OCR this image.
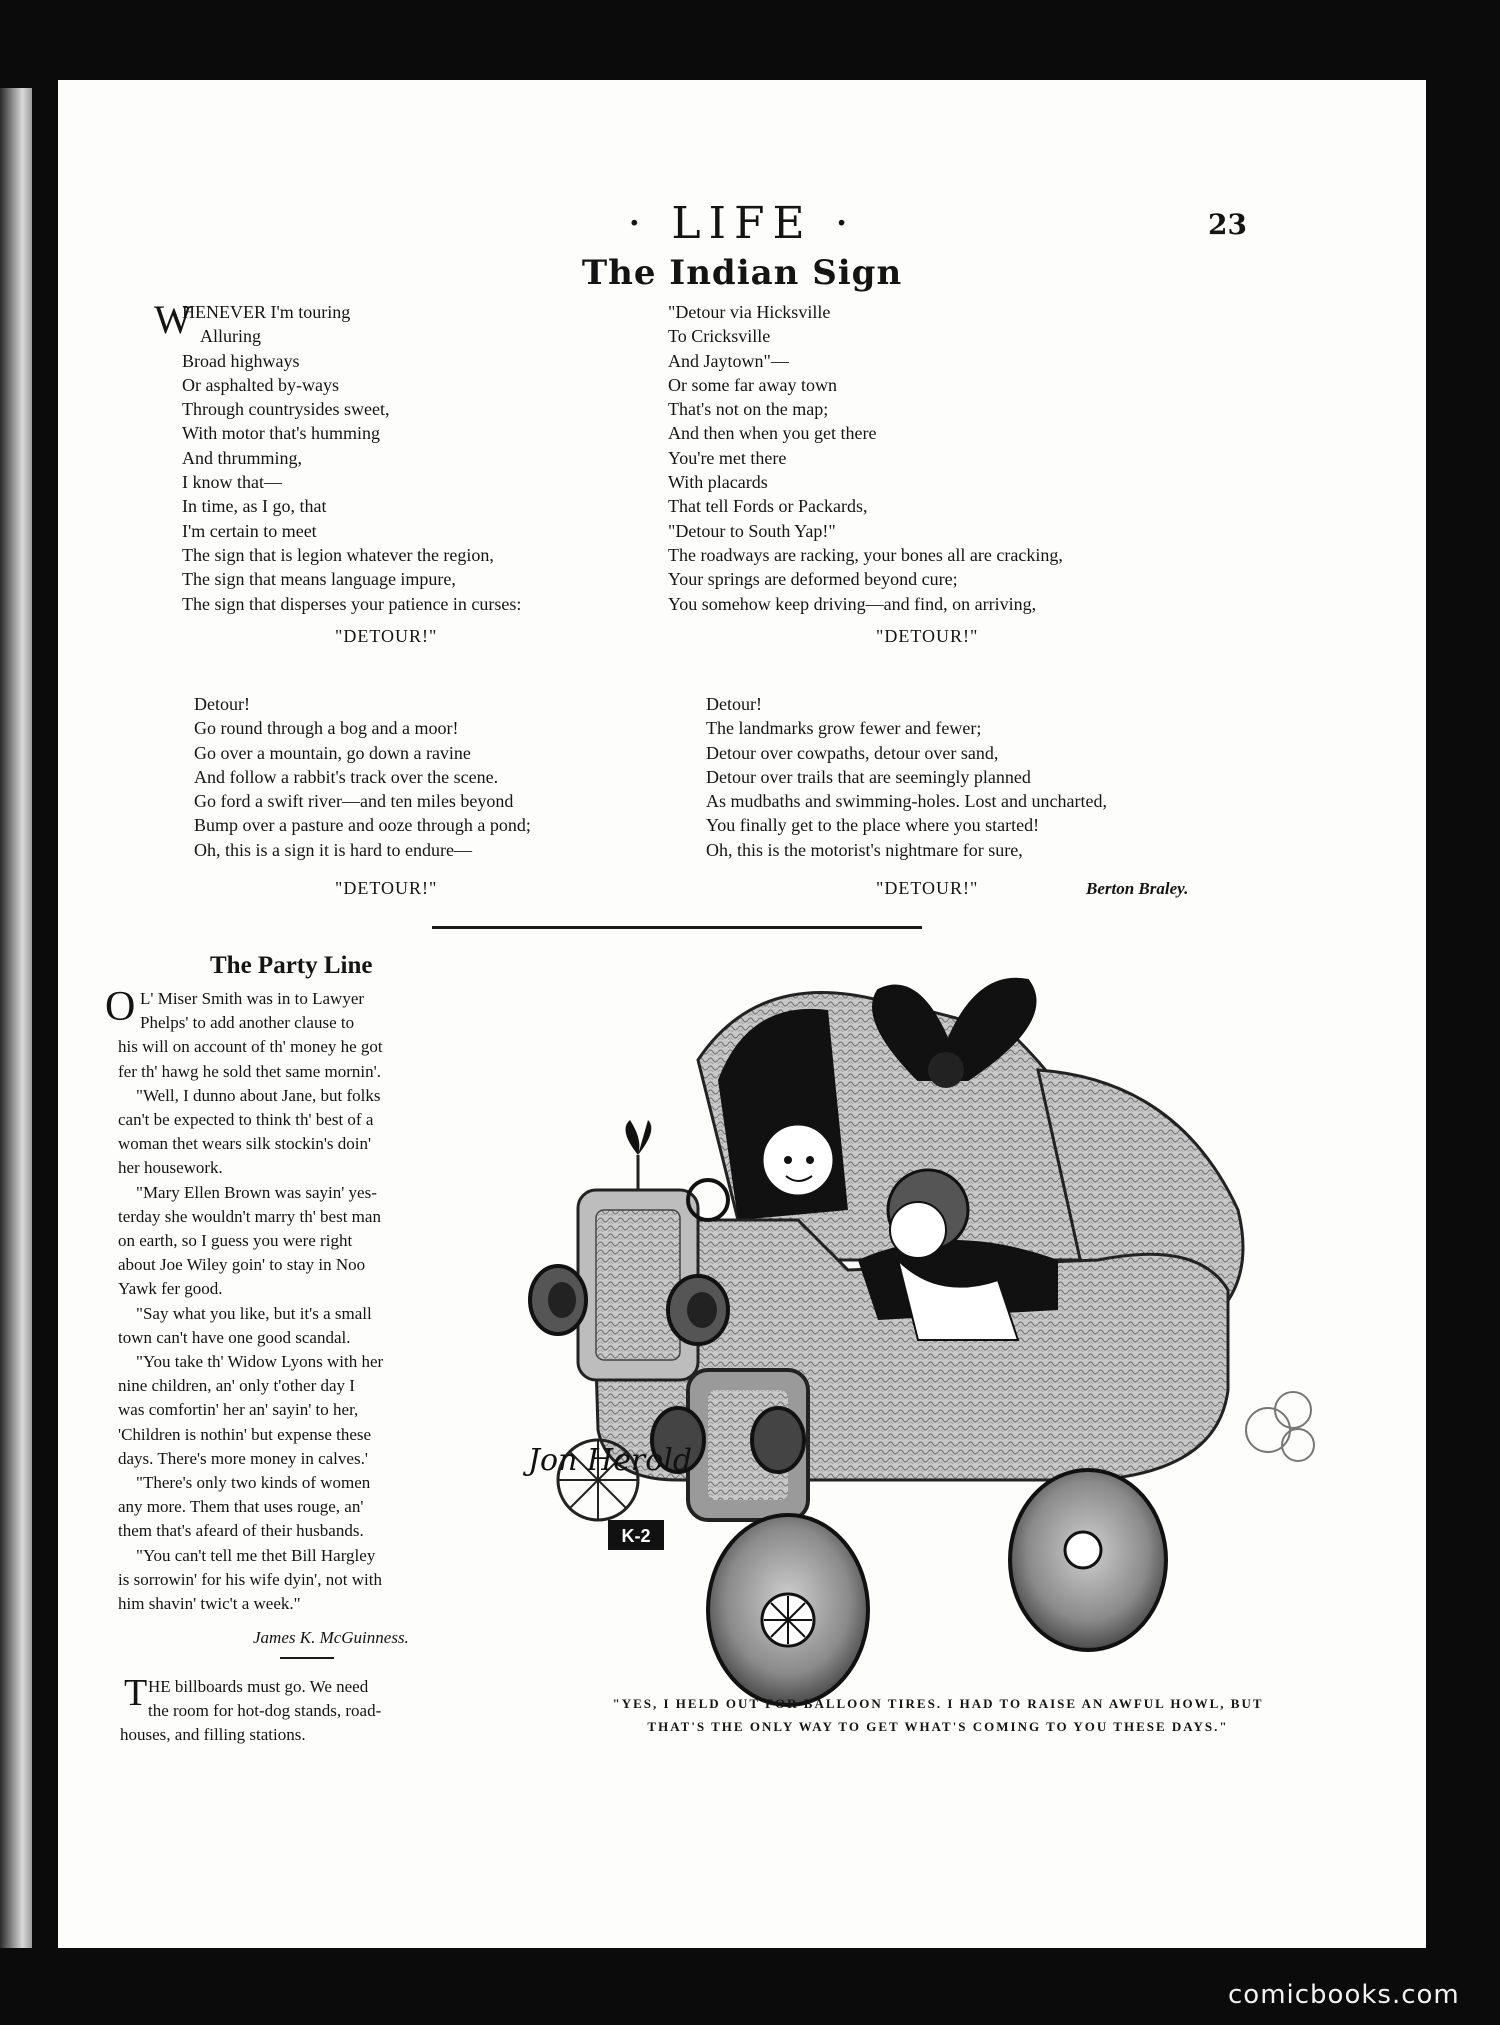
· LIFE ·	23
The Indian Sign
W
HENEVER I'm touring
Alluring
Broad highways
Or asphalted by-ways
Through countrysides sweet,
With motor that's humming
And thrumming,
I know that—
In time, as I go, that
I'm certain to meet
The sign that is legion whatever the region,
The sign that means language impure,
The sign that disperses your patience in curses:
"Detour via Hicksville
To Cricksville
And Jaytown"—
Or some far away town
That's not on the map;
And then when you get there
You're met there
With placards
That tell Fords or Packards,
"Detour to South Yap!"
The roadways are racking, your bones all are cracking,
Your springs are deformed beyond cure;
You somehow keep driving—and find, on arriving,
"DETOUR!"	"DETOUR!"
Detour!
Go round through a bog and a moor!
Go over a mountain, go down a ravine
And follow a rabbit's track over the scene.
Go ford a swift river—and ten miles beyond
Bump over a pasture and ooze through a pond;
Oh, this is a sign it is hard to endure—
Detour!
The landmarks grow fewer and fewer;
Detour over cowpaths, detour over sand,
Detour over trails that are seemingly planned
As mudbaths and swimming-holes. Lost and uncharted,
You finally get to the place where you started!
Oh, this is the motorist's nightmare for sure,
"DETOUR!"	"DETOUR!"	Berton Braley.
The Party Line
O L' Miser Smith was in to Lawyer
Phelps' to add another clause to
his will on account of th' money he got
fer th' hawg he sold thet same mornin'.
"Well, I dunno about Jane, but folks
can't be expected to think th' best of a
woman thet wears silk stockin's doin'
her housework.
"Mary Ellen Brown was sayin' yes-
terday she wouldn't marry th' best man
on earth, so I guess you were right
about Joe Wiley goin' to stay in Noo
Yawk fer good.
"Say what you like, but it's a small
town can't have one good scandal.
"You take th' Widow Lyons with her
nine children, an' only t'other day I
was comfortin' her an' sayin' to her,
'Children is nothin' but expense these
days. There's more money in calves.'
"There's only two kinds of women
any more. Them that uses rouge, an'
them that's afeard of their husbands.
"You can't tell me thet Bill Hargley
is sorrowin' for his wife dyin', not with
him shavin' twic't a week."
James K. McGuinness.
T HE billboards must go. We need
the room for hot-dog stands, road-
houses, and filling stations.
K-2
Jon Herold
"YES, I HELD OUT FOR BALLOON TIRES. I HAD TO RAISE AN AWFUL HOWL, BUT
THAT'S THE ONLY WAY TO GET WHAT'S COMING TO YOU THESE DAYS."
comicbooks.com
